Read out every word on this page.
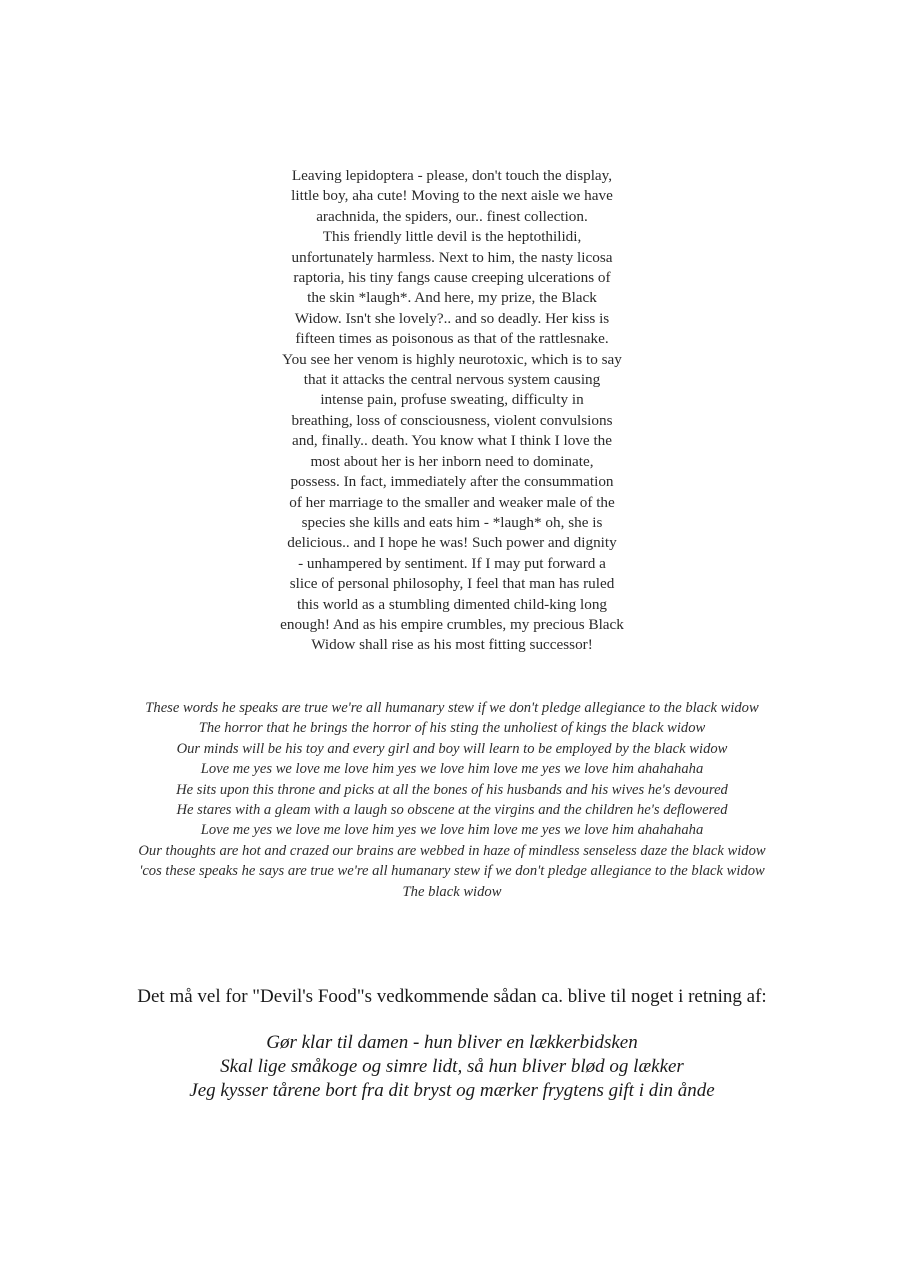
Leaving lepidoptera - please, don't touch the display,
little boy, aha cute! Moving to the next aisle we have
arachnida, the spiders, our.. finest collection.
This friendly little devil is the heptothilidi,
unfortunately harmless. Next to him, the nasty licosa
raptoria, his tiny fangs cause creeping ulcerations of
the skin *laugh*. And here, my prize, the Black
Widow. Isn't she lovely?.. and so deadly. Her kiss is
fifteen times as poisonous as that of the rattlesnake.
You see her venom is highly neurotoxic, which is to say
that it attacks the central nervous system causing
intense pain, profuse sweating, difficulty in
breathing, loss of consciousness, violent convulsions
and, finally.. death. You know what I think I love the
most about her is her inborn need to dominate,
possess. In fact, immediately after the consummation
of her marriage to the smaller and weaker male of the
species she kills and eats him - *laugh* oh, she is
delicious.. and I hope he was! Such power and dignity
- unhampered by sentiment. If I may put forward a
slice of personal philosophy, I feel that man has ruled
this world as a stumbling dimented child-king long
enough! And as his empire crumbles, my precious Black
Widow shall rise as his most fitting successor!
These words he speaks are true we're all humanary stew if we don't pledge allegiance to the black widow
The horror that he brings the horror of his sting the unholiest of kings the black widow
Our minds will be his toy and every girl and boy will learn to be employed by the black widow
Love me yes we love me love him yes we love him love me yes we love him ahahahaha
He sits upon this throne and picks at all the bones of his husbands and his wives he's devoured
He stares with a gleam with a laugh so obscene at the virgins and the children he's deflowered
Love me yes we love me love him yes we love him love me yes we love him ahahahaha
Our thoughts are hot and crazed our brains are webbed in haze of mindless senseless daze the black widow
'cos these speaks he says are true we're all humanary stew if we don't pledge allegiance to the black widow
The black widow
Det må vel for "Devil's Food"s vedkommende sådan ca. blive til noget i retning af:
Gør klar til damen - hun bliver en lækkerbidsken
Skal lige småkoge og simre lidt, så hun bliver blød og lækker
Jeg kysser tårene bort fra dit bryst og mærker frygtens gift i din ånde
